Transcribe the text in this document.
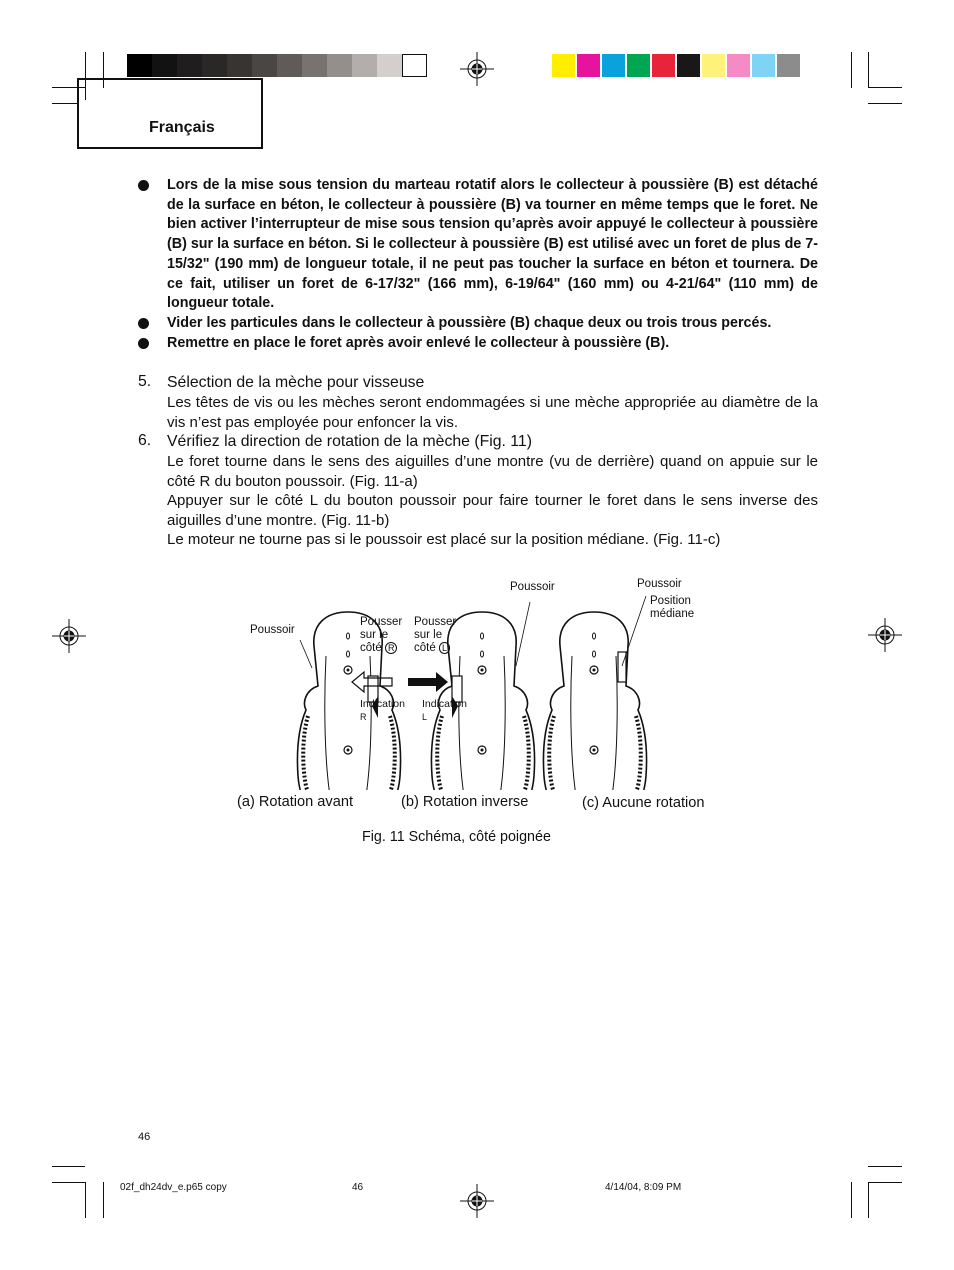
Français
Lors de la mise sous tension du marteau rotatif alors le collecteur à poussière (B) est détaché de la surface en béton, le collecteur à poussière (B) va tourner en même temps que le foret. Ne bien activer l’interrupteur de mise sous tension qu’après avoir appuyé le collecteur à poussière (B) sur la surface en béton. Si le collecteur à poussière (B) est utilisé avec un foret de plus de 7-15/32" (190 mm) de longueur totale, il ne peut pas toucher la surface en béton et tournera. De ce fait, utiliser un foret de 6-17/32" (166 mm), 6-19/64" (160 mm) ou 4-21/64" (110 mm) de longueur totale.
Vider les particules dans le collecteur à poussière (B) chaque deux ou trois trous percés.
Remettre en place le foret après avoir enlevé le collecteur à poussière (B).
5. Sélection de la mèche pour visseuse

Les têtes de vis ou les mèches seront endommagées si une mèche appropriée au diamètre de la vis n’est pas employée pour enfoncer la vis.

6. Vérifiez la direction de rotation de la mèche (Fig. 11)

Le foret tourne dans le sens des aiguilles d’une montre (vu de derrière) quand on appuie sur le côté R du bouton poussoir. (Fig. 11-a)

Appuyer sur le côté L du bouton poussoir pour faire tourner le foret dans le sens inverse des aiguilles d’une montre. (Fig. 11-b)

Le moteur ne tourne pas si le poussoir est placé sur la position médiane. (Fig. 11-c)

Poussoir
Pousser
sur le
côté R
Pousser
sur le
côté L
Indication
R
Indication
L
Poussoir	Poussoir
Position
médiane
(a) Rotation avant	(b) Rotation inverse	(c) Aucune rotation
Fig. 11 Schéma, côté poignée
46
02f_dh24dv_e.p65 copy	46	4/14/04, 8:09 PM
